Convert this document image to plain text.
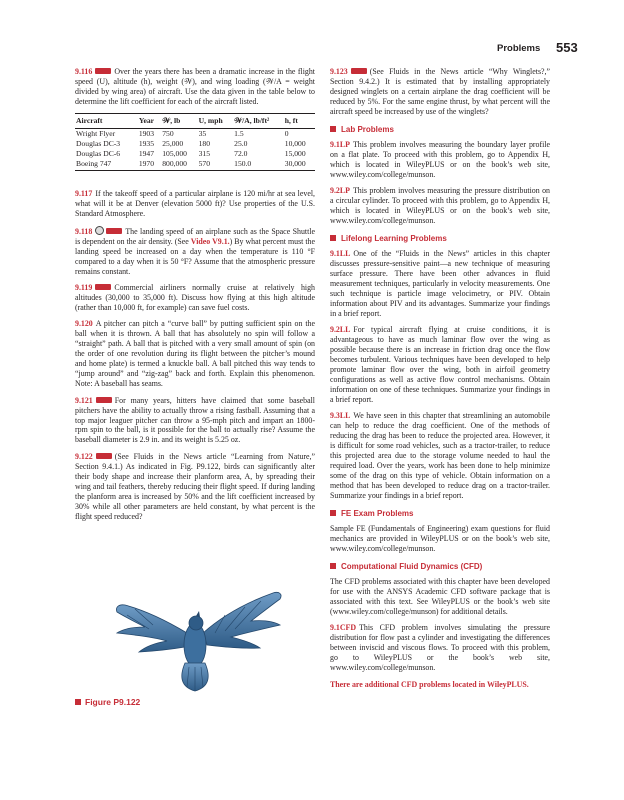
Problems 553

9.116	Over the years there has been a dramatic increase in the flight speed (U), altitude (h), weight (𝒲), and wing loading (𝒲/A = weight divided by wing area) of aircraft. Use the data given in the table below to determine the lift coefficient for each of the aircraft listed.

Aircraft	Year	𝒲, lb	U, mph	𝒲/A, lb/ft²	h, ft
Wright Flyer	1903	750	35	1.5	0
Douglas DC-3	1935	25,000	180	25.0	10,000
Douglas DC-6	1947	105,000	315	72.0	15,000
Boeing 747	1970	800,000	570	150.0	30,000

9.117 If the takeoff speed of a particular airplane is 120 mi/hr at sea level, what will it be at Denver (elevation 5000 ft)? Use properties of the U.S. Standard Atmosphere.

9.118	The landing speed of an airplane such as the Space Shuttle is dependent on the air density. (See Video V9.1.) By what percent must the landing speed be increased on a day when the temperature is 110 °F compared to a day when it is 50 °F? Assume that the atmospheric pressure remains constant.

9.119	Commercial airliners normally cruise at relatively high altitudes (30,000 to 35,000 ft). Discuss how flying at this high altitude (rather than 10,000 ft, for example) can save fuel costs.

9.120 A pitcher can pitch a “curve ball” by putting sufficient spin on the ball when it is thrown. A ball that has absolutely no spin will follow a “straight” path. A ball that is pitched with a very small amount of spin (on the order of one revolution during its flight between the pitcher’s mound and home plate) is termed a knuckle ball. A ball pitched this way tends to “jump around” and “zig-zag” back and forth. Explain this phenomenon. Note: A baseball has seams.

9.121	For many years, hitters have claimed that some baseball pitchers have the ability to actually throw a rising fastball. Assuming that a top major leaguer pitcher can throw a 95-mph pitch and impart an 1800-rpm spin to the ball, is it possible for the ball to actually rise? Assume the baseball diameter is 2.9 in. and its weight is 5.25 oz.

9.122	(See Fluids in the News article “Learning from Nature,” Section 9.4.1.) As indicated in Fig. P9.122, birds can significantly alter their body shape and increase their planform area, A, by spreading their wing and tail feathers, thereby reducing their flight speed. If during landing the planform area is increased by 50% and the lift coefficient increased by 30% while all other parameters are held constant, by what percent is the flight speed reduced?

Figure P9.122

9.123	(See Fluids in the News article “Why Winglets?,” Section 9.4.2.) It is estimated that by installing appropriately designed winglets on a certain airplane the drag coefficient will be reduced by 5%. For the same engine thrust, by what percent will the aircraft speed be increased by use of the winglets?

Lab Problems

9.1LP This problem involves measuring the boundary layer profile on a flat plate. To proceed with this problem, go to Appendix H, which is located in WileyPLUS or on the book’s web site, www.wiley.com/college/munson.

9.2LP This problem involves measuring the pressure distribution on a circular cylinder. To proceed with this problem, go to Appendix H, which is located in WileyPLUS or on the book’s web site, www.wiley.com/college/munson.

Lifelong Learning Problems

9.1LL One of the “Fluids in the News” articles in this chapter discusses pressure-sensitive paint—a new technique of measuring surface pressure. There have been other advances in fluid measurement techniques, particularly in velocity measurements. One such technique is particle image velocimetry, or PIV. Obtain information about PIV and its advantages. Summarize your findings in a brief report.

9.2LL For typical aircraft flying at cruise conditions, it is advantageous to have as much laminar flow over the wing as possible because there is an increase in friction drag once the flow becomes turbulent. Various techniques have been developed to help promote laminar flow over the wing, both in airfoil geometry configurations as well as active flow control mechanisms. Obtain information on one of these techniques. Summarize your findings in a brief report.

9.3LL We have seen in this chapter that streamlining an automobile can help to reduce the drag coefficient. One of the methods of reducing the drag has been to reduce the projected area. However, it is difficult for some road vehicles, such as a tractor-trailer, to reduce this projected area due to the storage volume needed to haul the required load. Over the years, work has been done to help minimize some of the drag on this type of vehicle. Obtain information on a method that has been developed to reduce drag on a tractor-trailer. Summarize your findings in a brief report.

FE Exam Problems

Sample FE (Fundamentals of Engineering) exam questions for fluid mechanics are provided in WileyPLUS or on the book’s web site, www.wiley.com/college/munson.

Computational Fluid Dynamics (CFD)

The CFD problems associated with this chapter have been developed for use with the ANSYS Academic CFD software package that is associated with this text. See WileyPLUS or the book’s web site (www.wiley.com/college/munson) for additional details.

9.1CFD This CFD problem involves simulating the pressure distribution for flow past a cylinder and investigating the differences between inviscid and viscous flows. To proceed with this problem, go to WileyPLUS or the book’s web site, www.wiley.com/college/munson.

There are additional CFD problems located in WileyPLUS.
